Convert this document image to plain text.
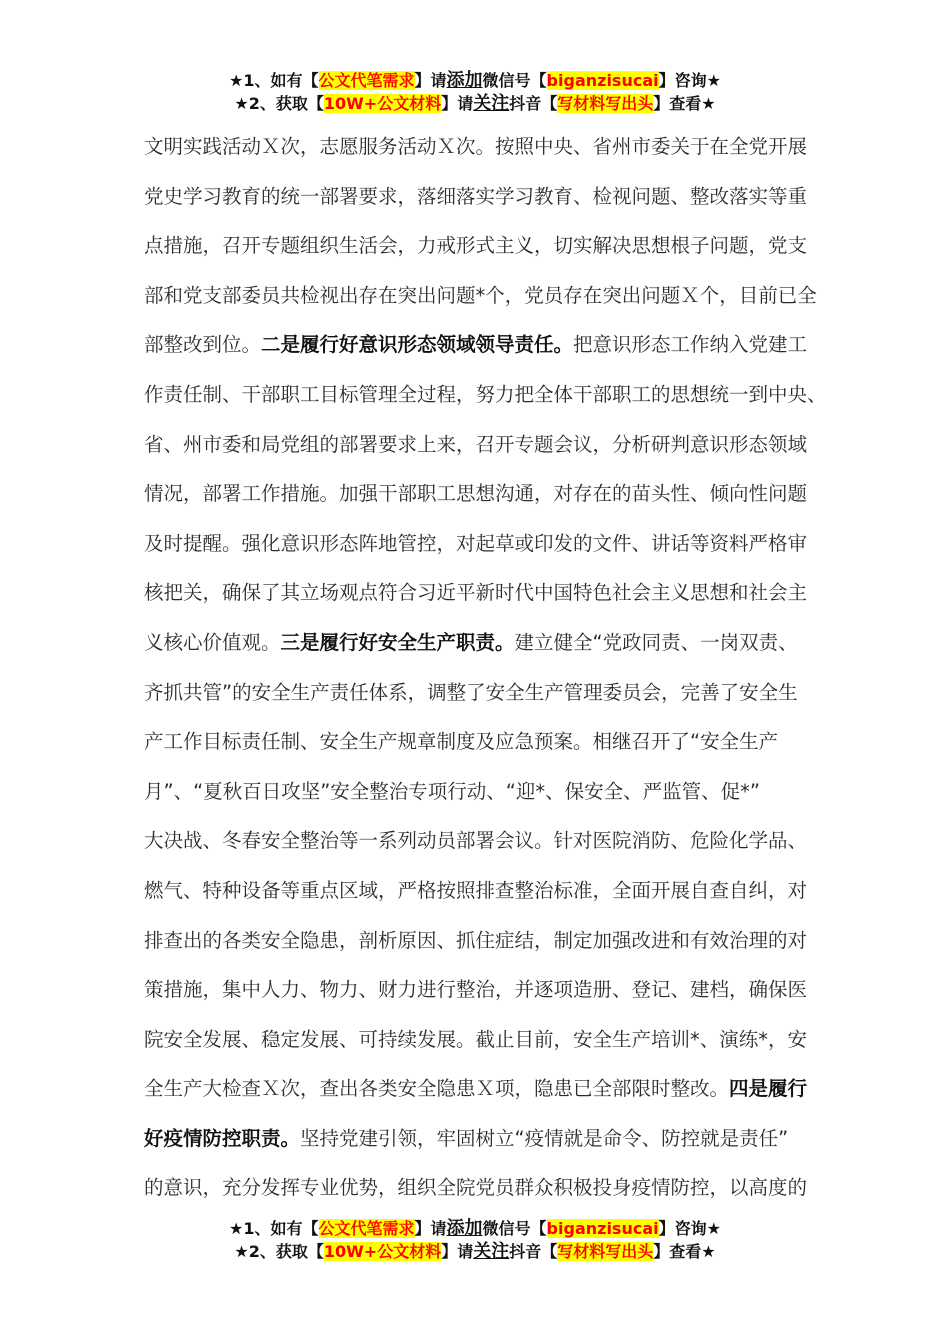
★1、如有【公文代笔需求】请添加微信号【biganzisucai】咨询★
★2、获取【10W+公文材料】请关注抖音【写材料写出头】查看★
文明实践活动Ｘ次，志愿服务活动Ｘ次。按照中央、省州市委关于在全党开展
党史学习教育的统一部署要求，落细落实学习教育、检视问题、整改落实等重
点措施，召开专题组织生活会，力戒形式主义，切实解决思想根子问题，党支
部和党支部委员共检视出存在突出问题*个，党员存在突出问题Ｘ个，目前已全
部整改到位。二是履行好意识形态领域领导责任。把意识形态工作纳入党建工
作责任制、干部职工目标管理全过程，努力把全体干部职工的思想统一到中央、
省、州市委和局党组的部署要求上来，召开专题会议，分析研判意识形态领域
情况，部署工作措施。加强干部职工思想沟通，对存在的苗头性、倾向性问题
及时提醒。强化意识形态阵地管控，对起草或印发的文件、讲话等资料严格审
核把关，确保了其立场观点符合习近平新时代中国特色社会主义思想和社会主
义核心价值观。三是履行好安全生产职责。建立健全“党政同责、一岗双责、
齐抓共管”的安全生产责任体系，调整了安全生产管理委员会，完善了安全生
产工作目标责任制、安全生产规章制度及应急预案。相继召开了“安全生产
月”、“夏秋百日攻坚”安全整治专项行动、“迎*、保安全、严监管、促*”
大决战、冬春安全整治等一系列动员部署会议。针对医院消防、危险化学品、
燃气、特种设备等重点区域，严格按照排查整治标准，全面开展自查自纠，对
排查出的各类安全隐患，剖析原因、抓住症结，制定加强改进和有效治理的对
策措施，集中人力、物力、财力进行整治，并逐项造册、登记、建档，确保医
院安全发展、稳定发展、可持续发展。截止目前，安全生产培训*、演练*，安
全生产大检查Ｘ次，查出各类安全隐患Ｘ项，隐患已全部限时整改。四是履行
好疫情防控职责。坚持党建引领，牢固树立“疫情就是命令、防控就是责任”
的意识，充分发挥专业优势，组织全院党员群众积极投身疫情防控，以高度的
★1、如有【公文代笔需求】请添加微信号【biganzisucai】咨询★
★2、获取【10W+公文材料】请关注抖音【写材料写出头】查看★
